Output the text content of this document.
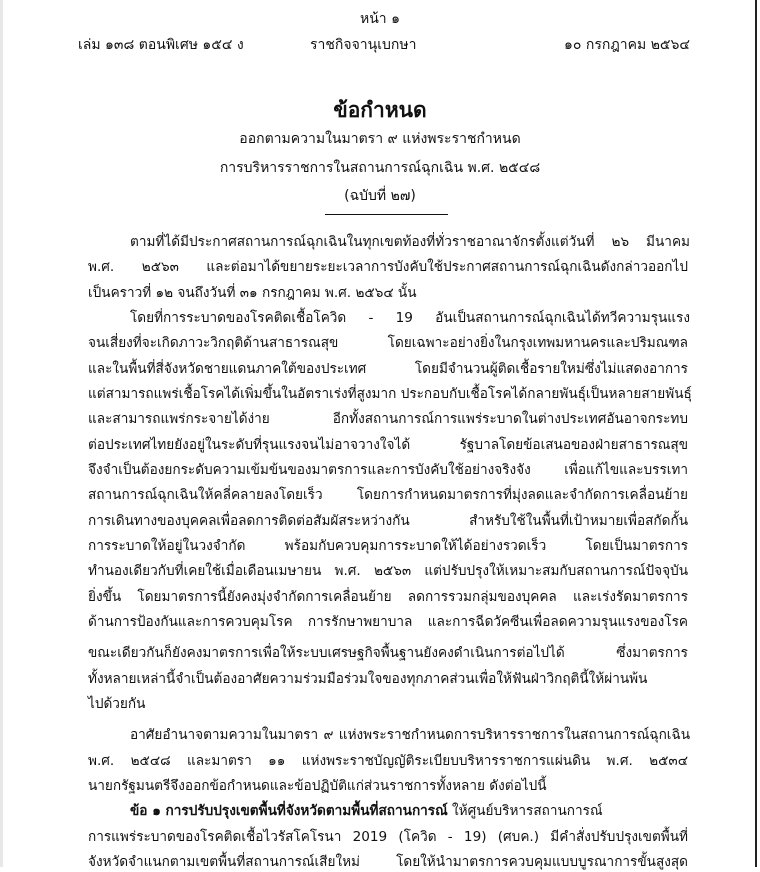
หน้า ๑
เล่ม ๑๓๘ ตอนพิเศษ ๑๕๔ ง	ราชกิจจานุเบกษา	๑๐ กรกฎาคม ๒๕๖๔
ข้อกำหนด
ออกตามความในมาตรา ๙ แห่งพระราชกำหนด
การบริหารราชการในสถานการณ์ฉุกเฉิน พ.ศ. ๒๕๔๘
(ฉบับที่ ๒๗)
ตามที่ได้มีประกาศสถานการณ์ฉุกเฉินในทุกเขตท้องที่ทั่วราชอาณาจักรตั้งแต่วันที่ ๒๖ มีนาคม
พ.ศ. ๒๕๖๓ และต่อมาได้ขยายระยะเวลาการบังคับใช้ประกาศสถานการณ์ฉุกเฉินดังกล่าวออกไป
เป็นคราวที่ ๑๒ จนถึงวันที่ ๓๑ กรกฎาคม พ.ศ. ๒๕๖๔ นั้น
โดยที่การระบาดของโรคติดเชื้อโควิด - 19 อันเป็นสถานการณ์ฉุกเฉินได้ทวีความรุนแรง
จนเสี่ยงที่จะเกิดภาวะวิกฤติด้านสาธารณสุข โดยเฉพาะอย่างยิ่งในกรุงเทพมหานครและปริมณฑล
และในพื้นที่สี่จังหวัดชายแดนภาคใต้ของประเทศ โดยมีจำนวนผู้ติดเชื้อรายใหม่ซึ่งไม่แสดงอาการ
แต่สามารถแพร่เชื้อโรคได้เพิ่มขึ้นในอัตราเร่งที่สูงมาก ประกอบกับเชื้อโรคได้กลายพันธุ์เป็นหลายสายพันธุ์
และสามารถแพร่กระจายได้ง่าย อีกทั้งสถานการณ์การแพร่ระบาดในต่างประเทศอันอาจกระทบ
ต่อประเทศไทยยังอยู่ในระดับที่รุนแรงจนไม่อาจวางใจได้ รัฐบาลโดยข้อเสนอของฝ่ายสาธารณสุข
จึงจำเป็นต้องยกระดับความเข้มข้นของมาตรการและการบังคับใช้อย่างจริงจัง เพื่อแก้ไขและบรรเทา
สถานการณ์ฉุกเฉินให้คลี่คลายลงโดยเร็ว โดยการกำหนดมาตรการที่มุ่งลดและจำกัดการเคลื่อนย้าย
การเดินทางของบุคคลเพื่อลดการติดต่อสัมผัสระหว่างกัน สำหรับใช้ในพื้นที่เป้าหมายเพื่อสกัดกั้น
การระบาดให้อยู่ในวงจำกัด พร้อมกับควบคุมการระบาดให้ได้อย่างรวดเร็ว โดยเป็นมาตรการ
ทำนองเดียวกับที่เคยใช้เมื่อเดือนเมษายน พ.ศ. ๒๕๖๓ แต่ปรับปรุงให้เหมาะสมกับสถานการณ์ปัจจุบัน
ยิ่งขึ้น โดยมาตรการนี้ยังคงมุ่งจำกัดการเคลื่อนย้าย ลดการรวมกลุ่มของบุคคล และเร่งรัดมาตรการ
ด้านการป้องกันและการควบคุมโรค การรักษาพยาบาล และการฉีดวัคซีนเพื่อลดความรุนแรงของโรค
ขณะเดียวกันก็ยังคงมาตรการเพื่อให้ระบบเศรษฐกิจพื้นฐานยังคงดำเนินการต่อไปได้ ซึ่งมาตรการ
ทั้งหลายเหล่านี้จำเป็นต้องอาศัยความร่วมมือร่วมใจของทุกภาคส่วนเพื่อให้ฟันฝ่าวิกฤตินี้ให้ผ่านพ้น
ไปด้วยกัน
อาศัยอำนาจตามความในมาตรา ๙ แห่งพระราชกำหนดการบริหารราชการในสถานการณ์ฉุกเฉิน
พ.ศ. ๒๕๔๘ และมาตรา ๑๑ แห่งพระราชบัญญัติระเบียบบริหารราชการแผ่นดิน พ.ศ. ๒๕๓๔
นายกรัฐมนตรีจึงออกข้อกำหนดและข้อปฏิบัติแก่ส่วนราชการทั้งหลาย ดังต่อไปนี้
ข้อ ๑ การปรับปรุงเขตพื้นที่จังหวัดตามพื้นที่สถานการณ์ ให้ศูนย์บริหารสถานการณ์
การแพร่ระบาดของโรคติดเชื้อไวรัสโคโรนา 2019 (โควิด - 19) (ศบค.) มีคำสั่งปรับปรุงเขตพื้นที่
จังหวัดจำแนกตามเขตพื้นที่สถานการณ์เสียใหม่ โดยให้นำมาตรการควบคุมแบบบูรณาการขั้นสูงสุด
